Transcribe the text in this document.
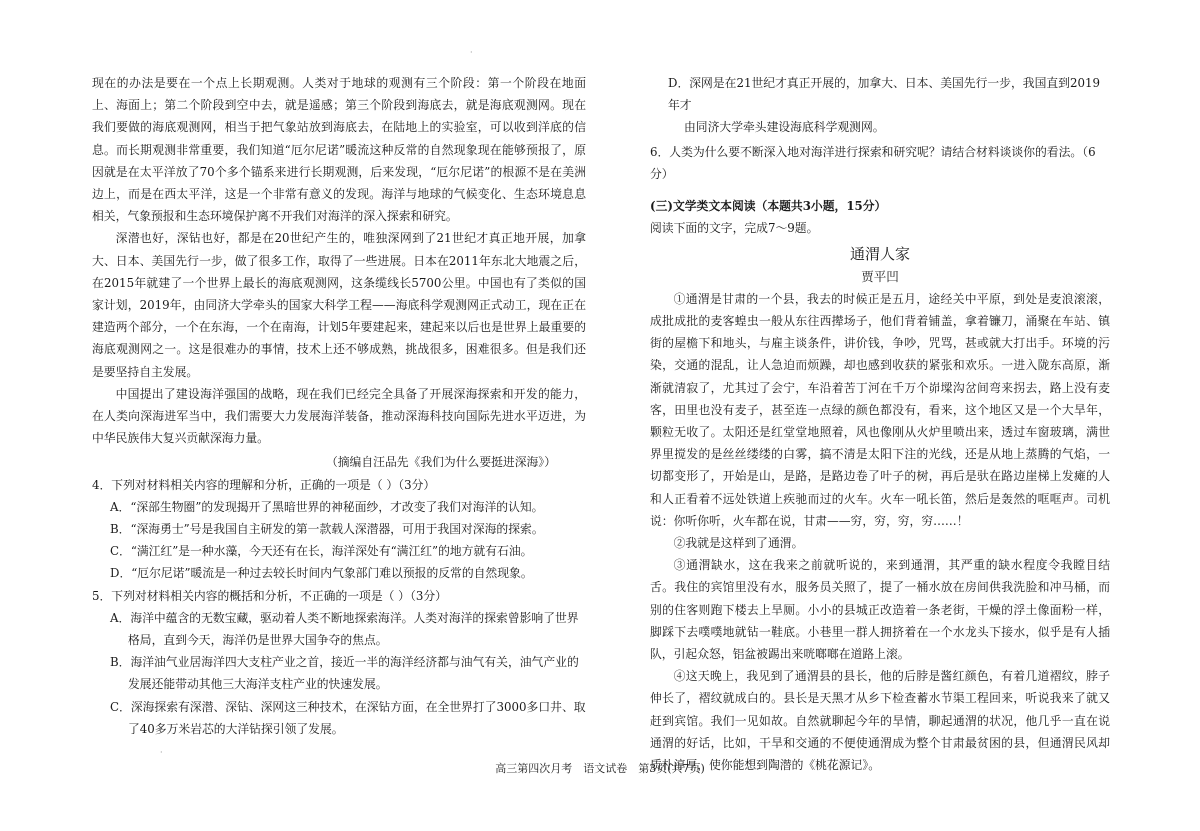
·
·

现在的办法是要在一个点上长期观测。人类对于地球的观测有三个阶段：第一个阶段在地面上、海面上；第二个阶段到空中去，就是遥感；第三个阶段到海底去，就是海底观测网。现在我们要做的海底观测网，相当于把气象站放到海底去，在陆地上的实验室，可以收到洋底的信息。而长期观测非常重要，我们知道“厄尔尼诺”暖流这种反常的自然现象现在能够预报了，原因就是在太平洋放了70个多个锚系来进行长期观测，后来发现，“厄尔尼诺”的根源不是在美洲边上，而是在西太平洋，这是一个非常有意义的发现。海洋与地球的气候变化、生态环境息息相关，气象预报和生态环境保护离不开我们对海洋的深入探索和研究。

深潜也好，深钻也好，都是在20世纪产生的，唯独深网到了21世纪才真正地开展，加拿大、日本、美国先行一步，做了很多工作，取得了一些进展。日本在2011年东北大地震之后，在2015年就建了一个世界上最长的海底观测网，这条缆线长5700公里。中国也有了类似的国家计划，2019年，由同济大学牵头的国家大科学工程——海底科学观测网正式动工，现在正在建造两个部分，一个在东海，一个在南海，计划5年要建起来，建起来以后也是世界上最重要的海底观测网之一。这是很难办的事情，技术上还不够成熟，挑战很多，困难很多。但是我们还是要坚持自主发展。

中国提出了建设海洋强国的战略，现在我们已经完全具备了开展深海探索和开发的能力，在人类向深海进军当中，我们需要大力发展海洋装备，推动深海科技向国际先进水平迈进，为中华民族伟大复兴贡献深海力量。

（摘编自汪品先《我们为什么要挺进深海》）

4．下列对材料相关内容的理解和分析，正确的一项是（ ）（3分）

A．“深部生物圈”的发现揭开了黑暗世界的神秘面纱，才改变了我们对海洋的认知。

B．“深海勇士”号是我国自主研发的第一款载人深潜器，可用于我国对深海的探索。

C．“满江红”是一种水藻，今天还有在长，海洋深处有“满江红”的地方就有石油。

D．“厄尔尼诺”暖流是一种过去较长时间内气象部门难以预报的反常的自然现象。

5．下列对材料相关内容的概括和分析，不正确的一项是（ ）（3分）

A．海洋中蕴含的无数宝藏，驱动着人类不断地探索海洋。人类对海洋的探索曾影响了世界格局，直到今天，海洋仍是世界大国争夺的焦点。

B．海洋油气业居海洋四大支柱产业之首，接近一半的海洋经济都与油气有关，油气产业的发展还能带动其他三大海洋支柱产业的快速发展。

C．深海探索有深潜、深钻、深网这三种技术，在深钻方面，在全世界打了3000多口井、取了40多万米岩芯的大洋钻探引领了发展。

D．深网是在21世纪才真正开展的，加拿大、日本、美国先行一步，我国直到2019年才
由同济大学牵头建设海底科学观测网。

6．人类为什么要不断深入地对海洋进行探索和研究呢？请结合材料谈谈你的看法。（6分）

(三)文学类文本阅读（本题共3小题，15分）

阅读下面的文字，完成7～9题。

通渭人家

贾平凹

①通渭是甘肃的一个县，我去的时候正是五月，途经关中平原，到处是麦浪滚滚，成批成批的麦客蝗虫一般从东往西撵场子，他们背着铺盖，拿着镰刀，涌聚在车站、镇街的屋檐下和地头，与雇主谈条件，讲价钱，争吵，咒骂，甚或就大打出手。环境的污染，交通的混乱，让人急迫而烦躁，却也感到收获的紧张和欢乐。一进入陇东高原，渐渐就清寂了，尤其过了会宁，车沿着苦丁河在千万个峁墚沟岔间弯来拐去，路上没有麦客，田里也没有麦子，甚至连一点绿的颜色都没有，看来，这个地区又是一个大旱年，颗粒无收了。太阳还是红堂堂地照着，风也像刚从火炉里喷出来，透过车窗玻璃，满世界里搅发的是丝丝缕缕的白雾，搞不清是太阳下注的光线，还是从地上蒸腾的气焰，一切都变形了，开始是山，是路，是路边卷了叶子的树，再后是驮在路边崖梯上发瘫的人和人正看着不远处铁道上疾驰而过的火车。火车一吼长笛，然后是轰然的哐哐声。司机说：你听你听，火车都在说，甘肃——穷，穷，穷，穷……！

②我就是这样到了通渭。

③通渭缺水，这在我来之前就听说的，来到通渭，其严重的缺水程度令我瞠目结舌。我住的宾馆里没有水，服务员关照了，提了一桶水放在房间供我洗脸和冲马桶，而别的住客则跑下楼去上旱厕。小小的县城正改造着一条老街，干燥的浮土像面粉一样，脚踩下去噗噗地就钻一鞋底。小巷里一群人拥挤着在一个水龙头下接水，似乎是有人插队，引起众怒，铝盆被踢出来咣啷啷在道路上滚。

④这天晚上，我见到了通渭县的县长，他的后脖是酱红颜色，有着几道褶纹，脖子伸长了，褶纹就成白的。县长是天黑才从乡下检查蓄水节渠工程回来，听说我来了就又赶到宾馆。我们一见如故。自然就聊起今年的旱情，聊起通渭的状况，他几乎一直在说通渭的好话，比如，干旱和交通的不便使通渭成为整个甘肃最贫困的县，但通渭民风却质朴淳厚，使你能想到陶潜的《桃花源记》。

高三第四次月考　语文试卷　第3页(共7页)
